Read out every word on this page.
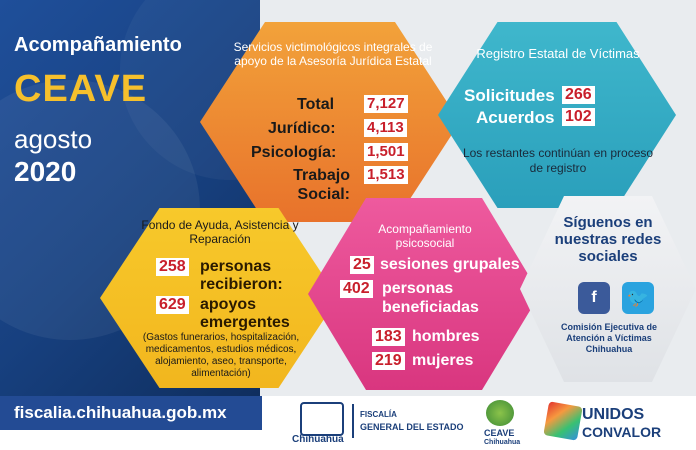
Acompañamiento
CEAVE
agosto
2020
Servicios victimológicos integrales de apoyo de la Asesoría Jurídica Estatal
Total 7,127
Jurídico: 4,113
Psicología: 1,501
Trabajo Social:
1,513
Registro Estatal de Víctimas
Solicitudes 266
Acuerdos 102
Los restantes continúan en proceso de registro
Fondo de Ayuda, Asistencia y Reparación
258 personas recibieron:
629 apoyos emergentes
(Gastos funerarios, hospitalización, medicamentos, estudios médicos, alojamiento, aseo, transporte, alimentación)
Acompañamiento psicosocial
25 sesiones grupales
402 personas beneficiadas
183 hombres
219 mujeres
Síguenos en nuestras redes sociales
f	🐦
Comisión Ejecutiva de Atención a Víctimas Chihuahua
fiscalia.chihuahua.gob.mx
Chihuahua
FISCALÍA
GENERAL DEL ESTADO
CEAVE
Chihuahua
UNIDOS
CONVALOR
